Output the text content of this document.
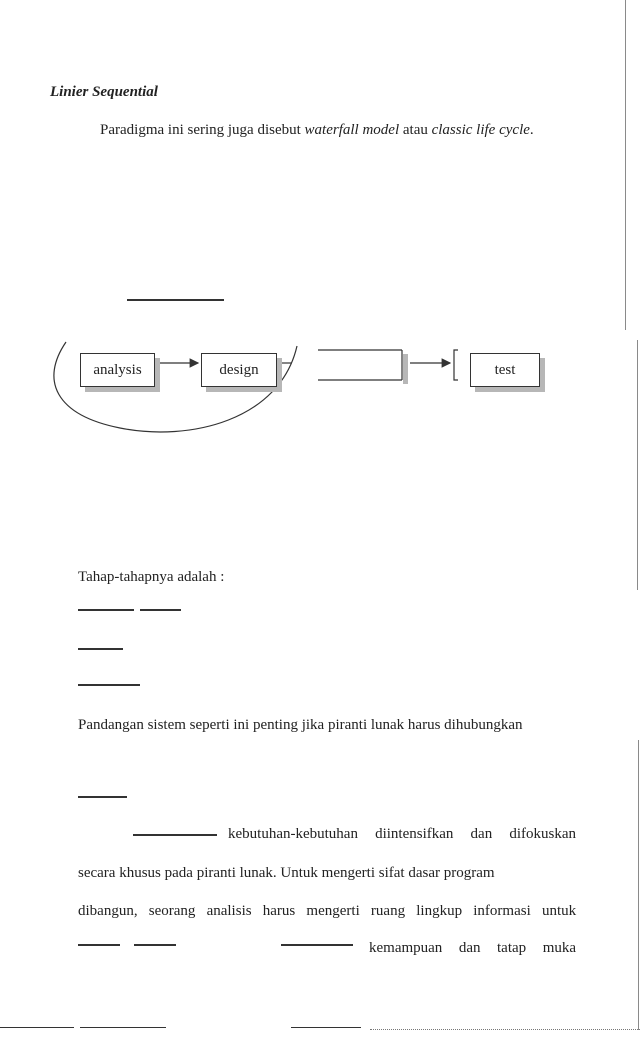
Linier Sequential
Paradigma ini sering juga disebut waterfall model atau classic life cycle.
analysis	design	test
Tahap-tahapnya adalah :
Pandangan sistem seperti ini penting jika piranti lunak harus dihubungkan
kebutuhan-kebutuhan diintensifkan dan difokuskan
secara khusus pada piranti lunak. Untuk mengerti sifat dasar program
dibangun, seorang analisis harus mengerti ruang lingkup informasi untuk
kemampuan dan tatap muka
